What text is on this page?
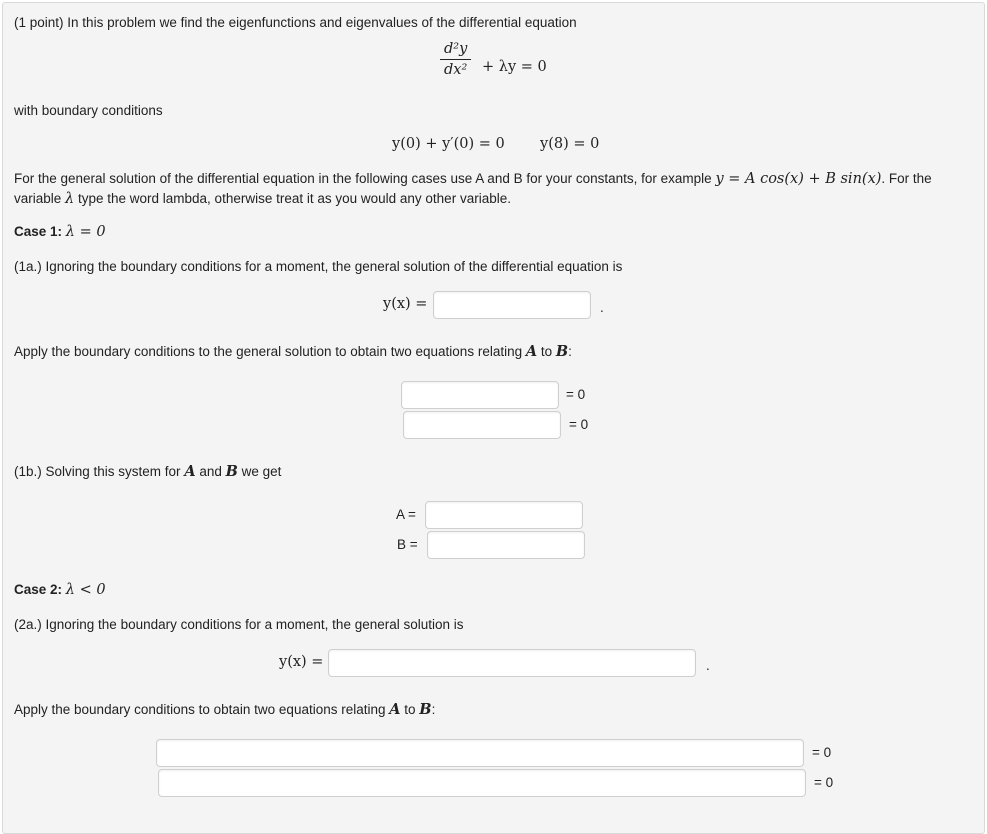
(1 point) In this problem we find the eigenfunctions and eigenvalues of the differential equation
d²y
dx² + λy = 0
with boundary conditions
y(0) + y′(0) = 0 y(8) = 0
For the general solution of the differential equation in the following cases use A and B for your constants, for example y = A cos(x) + B sin(x). For the
variable λ type the word lambda, otherwise treat it as you would any other variable.
Case 1: λ = 0
(1a.) Ignoring the boundary conditions for a moment, the general solution of the differential equation is
y(x) =	.
Apply the boundary conditions to the general solution to obtain two equations relating A to B:
= 0
= 0
(1b.) Solving this system for A and B we get
A =
B =
Case 2: λ < 0
(2a.) Ignoring the boundary conditions for a moment, the general solution is
y(x) =	.
Apply the boundary conditions to obtain two equations relating A to B:
= 0
= 0
